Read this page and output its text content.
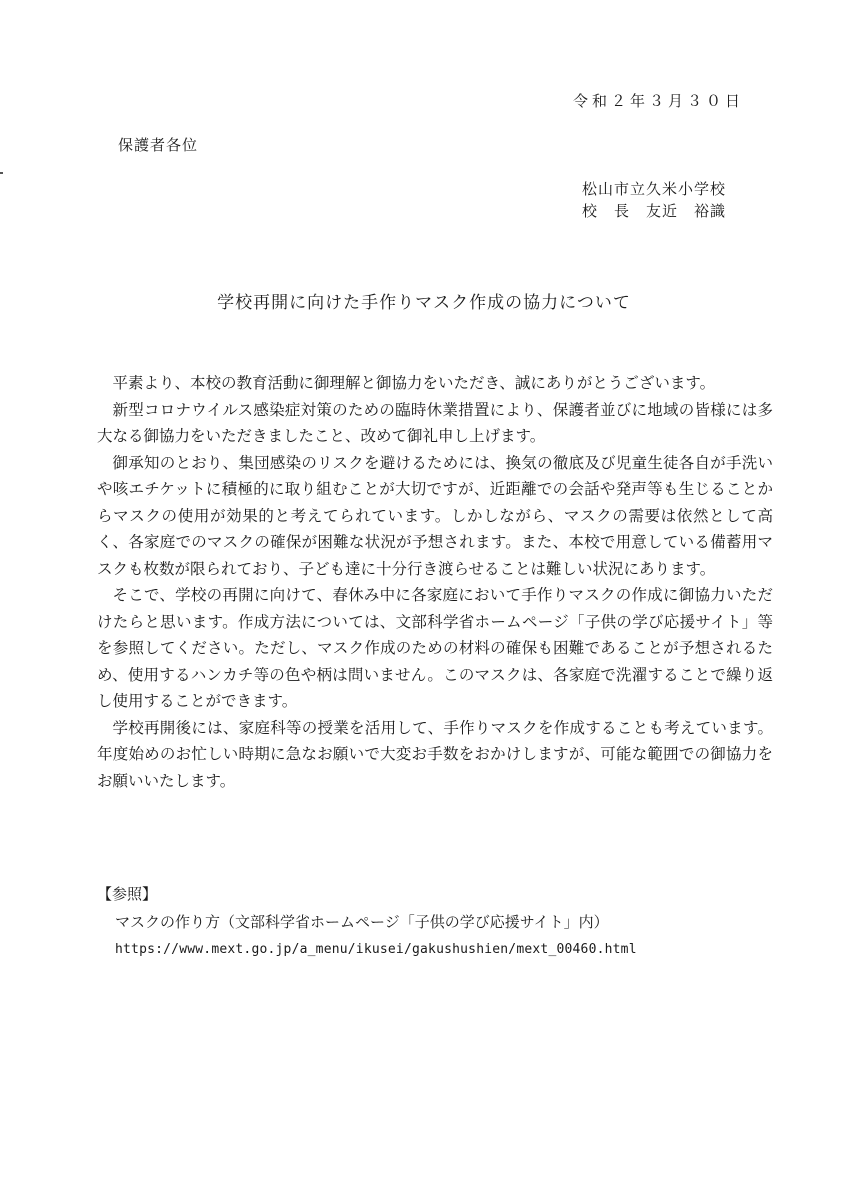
令和２年３月３０日
保護者各位
松山市立久米小学校
校　長　友近　裕識
学校再開に向けた手作りマスク作成の協力について

平素より、本校の教育活動に御理解と御協力をいただき、誠にありがとうございます。

新型コロナウイルス感染症対策のための臨時休業措置により、保護者並びに地域の皆様には多大なる御協力をいただきましたこと、改めて御礼申し上げます。

御承知のとおり、集団感染のリスクを避けるためには、換気の徹底及び児童生徒各自が手洗いや咳エチケットに積極的に取り組むことが大切ですが、近距離での会話や発声等も生じることからマスクの使用が効果的と考えてられています。しかしながら、マスクの需要は依然として高く、各家庭でのマスクの確保が困難な状況が予想されます。また、本校で用意している備蓄用マスクも枚数が限られており、子ども達に十分行き渡らせることは難しい状況にあります。

そこで、学校の再開に向けて、春休み中に各家庭において手作りマスクの作成に御協力いただけたらと思います。作成方法については、文部科学省ホームページ「子供の学び応援サイト」等を参照してください。ただし、マスク作成のための材料の確保も困難であることが予想されるため、使用するハンカチ等の色や柄は問いません。このマスクは、各家庭で洗濯することで繰り返し使用することができます。

学校再開後には、家庭科等の授業を活用して、手作りマスクを作成することも考えています。年度始めのお忙しい時期に急なお願いで大変お手数をおかけしますが、可能な範囲での御協力をお願いいたします。

【参照】
マスクの作り方（文部科学省ホームページ「子供の学び応援サイト」内）
https://www.mext.go.jp/a_menu/ikusei/gakushushien/mext_00460.html
